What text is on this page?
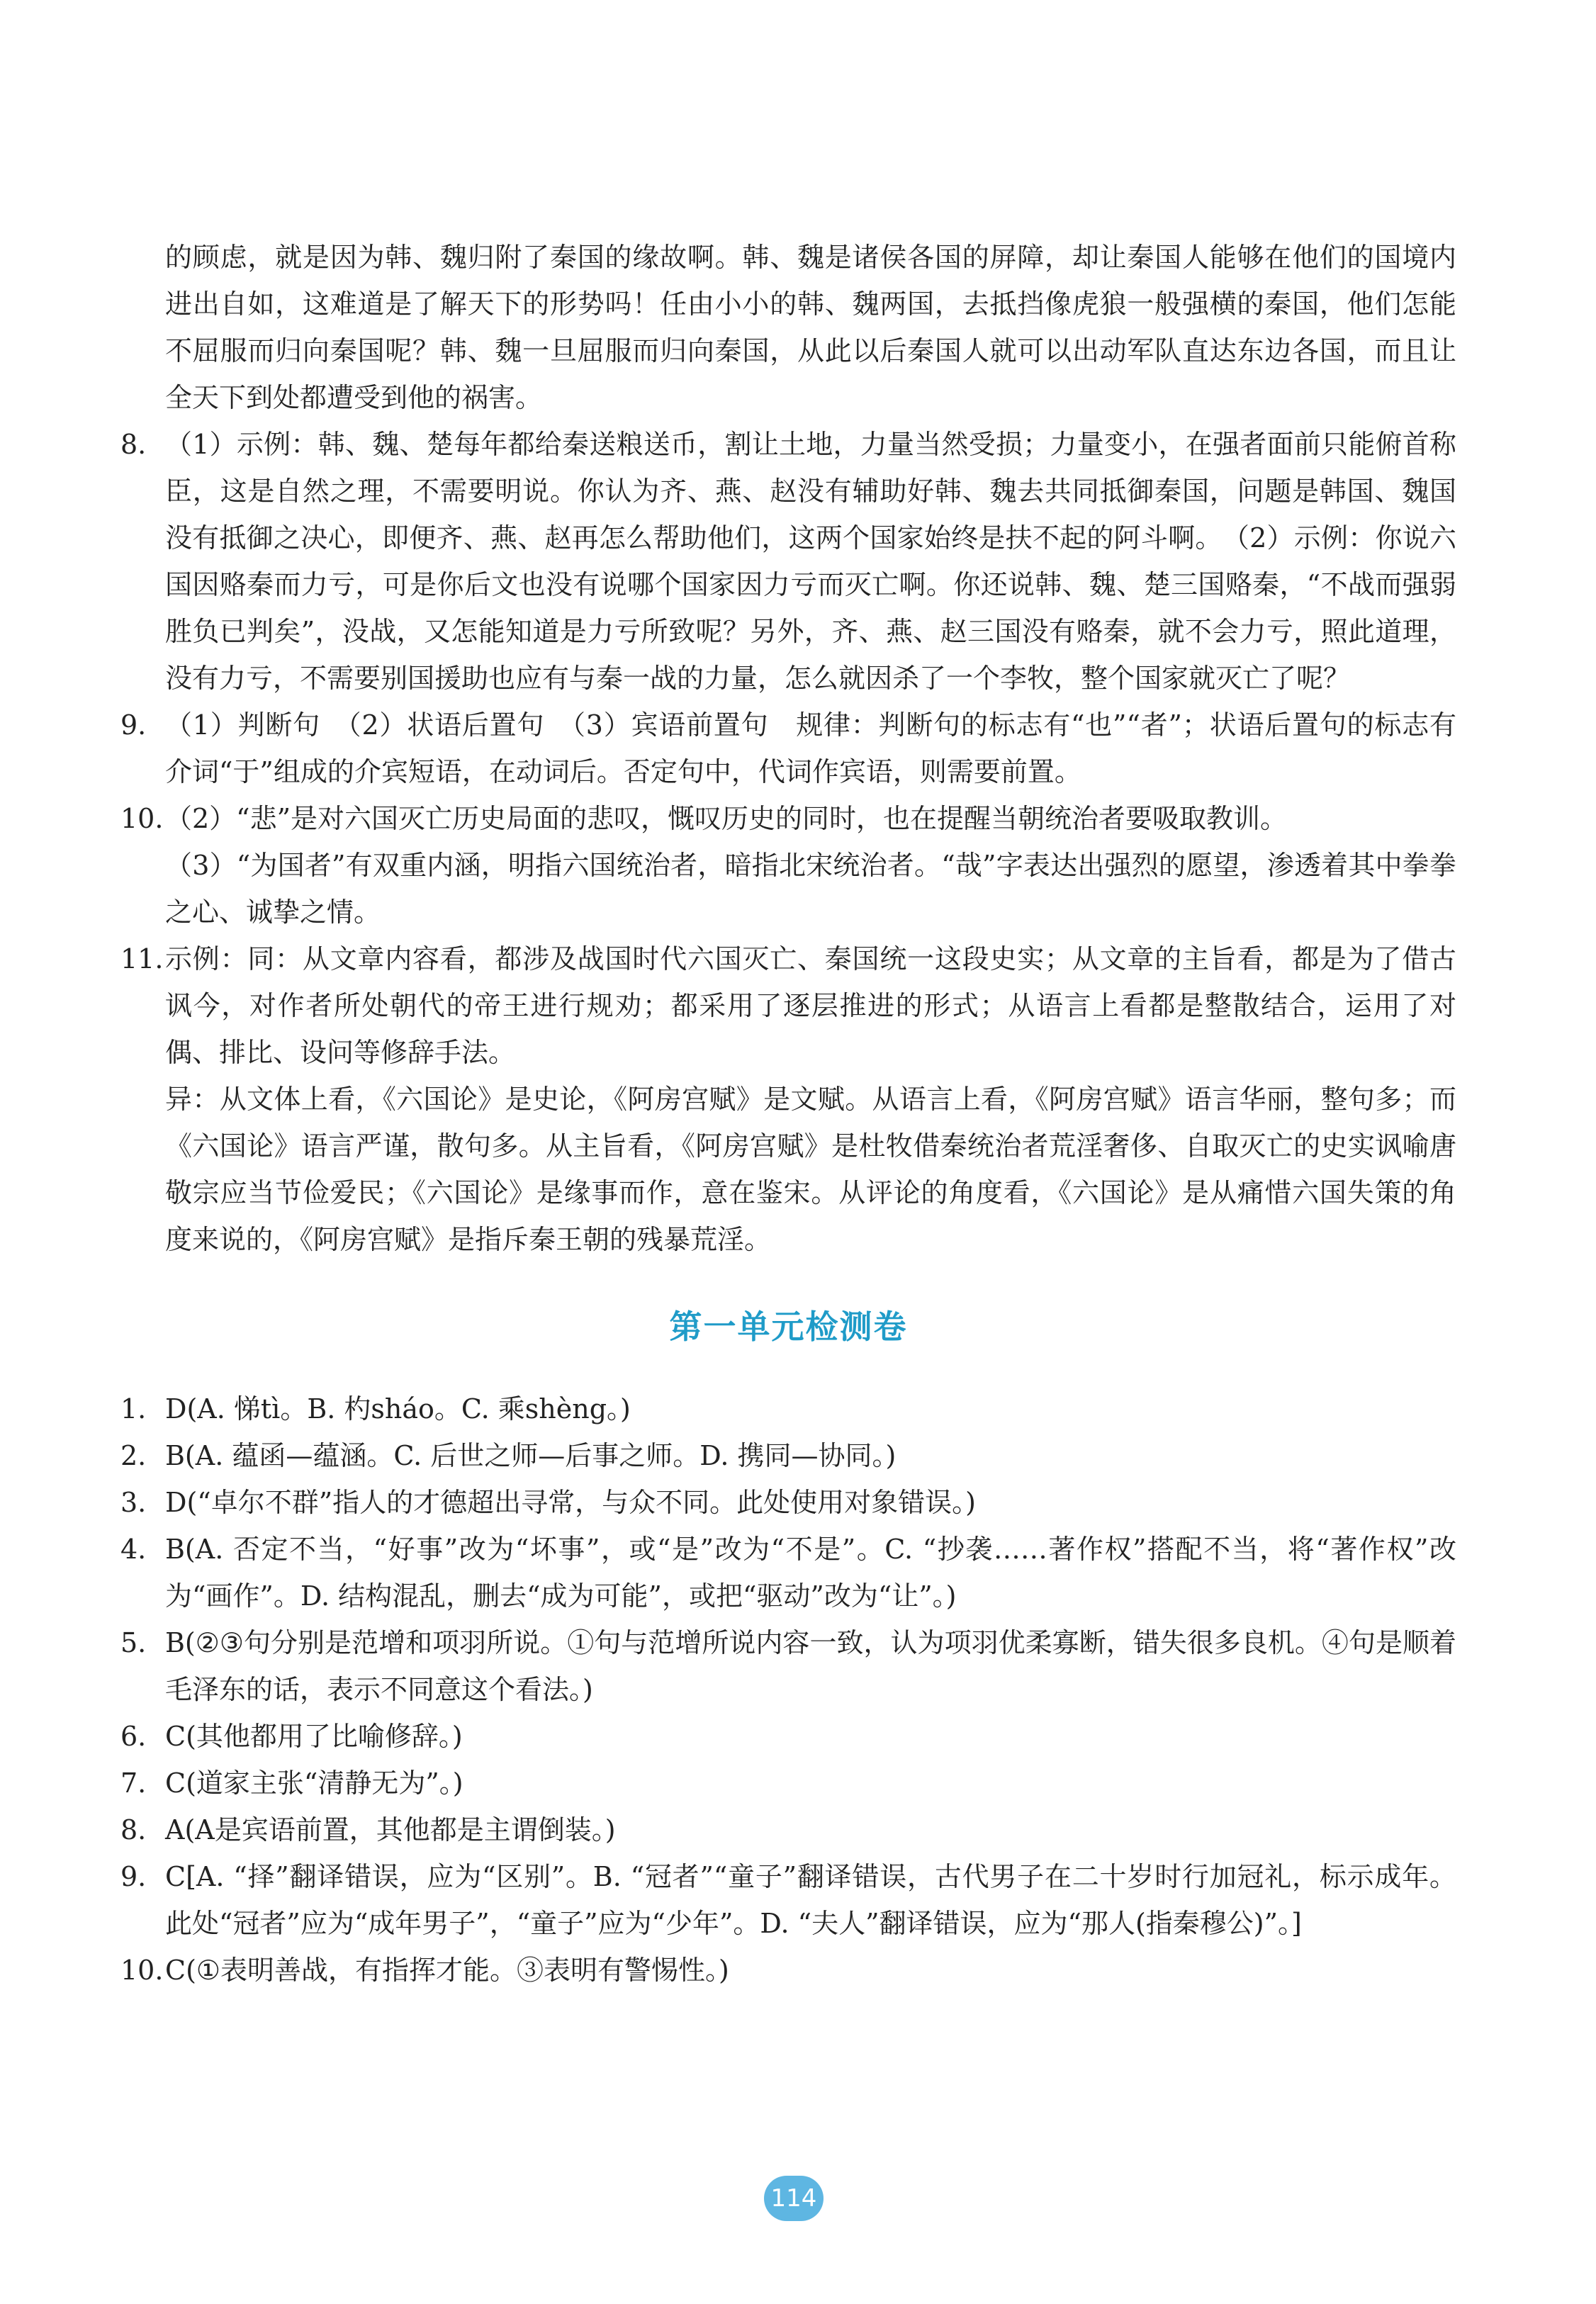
的顾虑，就是因为韩、魏归附了秦国的缘故啊。韩、魏是诸侯各国的屏障，却让秦国人能够在他们的国境内进出自如，这难道是了解天下的形势吗！任由小小的韩、魏两国，去抵挡像虎狼一般强横的秦国，他们怎能不屈服而归向秦国呢？韩、魏一旦屈服而归向秦国，从此以后秦国人就可以出动军队直达东边各国，而且让全天下到处都遭受到他的祸害。

8. （1）示例：韩、魏、楚每年都给秦送粮送币，割让土地，力量当然受损；力量变小，在强者面前只能俯首称臣，这是自然之理，不需要明说。你认为齐、燕、赵没有辅助好韩、魏去共同抵御秦国，问题是韩国、魏国没有抵御之决心，即便齐、燕、赵再怎么帮助他们，这两个国家始终是扶不起的阿斗啊。　（2）示例：你说六国因赂秦而力亏，可是你后文也没有说哪个国家因力亏而灭亡啊。你还说韩、魏、楚三国赂秦，“不战而强弱胜负已判矣”，没战，又怎能知道是力亏所致呢？另外，齐、燕、赵三国没有赂秦，就不会力亏，照此道理，没有力亏，不需要别国援助也应有与秦一战的力量，怎么就因杀了一个李牧，整个国家就灭亡了呢？

9. （1）判断句　（2）状语后置句　（3）宾语前置句　规律：判断句的标志有“也”“者”；状语后置句的标志有介词“于”组成的介宾短语，在动词后。否定句中，代词作宾语，则需要前置。

10. （2）“悲”是对六国灭亡历史局面的悲叹，慨叹历史的同时，也在提醒当朝统治者要吸取教训。

（3）“为国者”有双重内涵，明指六国统治者，暗指北宋统治者。“哉”字表达出强烈的愿望，渗透着其中拳拳之心、诚挚之情。

11. 示例：同：从文章内容看，都涉及战国时代六国灭亡、秦国统一这段史实；从文章的主旨看，都是为了借古讽今，对作者所处朝代的帝王进行规劝；都采用了逐层推进的形式；从语言上看都是整散结合，运用了对偶、排比、设问等修辞手法。

异：从文体上看，《六国论》是史论，《阿房宫赋》是文赋。从语言上看，《阿房宫赋》语言华丽，整句多；而《六国论》语言严谨，散句多。从主旨看，《阿房宫赋》是杜牧借秦统治者荒淫奢侈、自取灭亡的史实讽喻唐敬宗应当节俭爱民；《六国论》是缘事而作，意在鉴宋。从评论的角度看，《六国论》是从痛惜六国失策的角度来说的，《阿房宫赋》是指斥秦王朝的残暴荒淫。

第一单元检测卷
1. D(A. 悌tì。B. 杓sháo。C. 乘shèng。)
2. B(A. 蕴函—蕴涵。C. 后世之师—后事之师。D. 携同—协同。)
3. D(“卓尔不群”指人的才德超出寻常，与众不同。此处使用对象错误。)
4. B(A. 否定不当，“好事”改为“坏事”，或“是”改为“不是”。C. “抄袭……著作权”搭配不当，将“著作权”改为“画作”。D. 结构混乱，删去“成为可能”，或把“驱动”改为“让”。)
5. B(②③句分别是范增和项羽所说。①句与范增所说内容一致，认为项羽优柔寡断，错失很多良机。④句是顺着毛泽东的话，表示不同意这个看法。)
6. C(其他都用了比喻修辞。)
7. C(道家主张“清静无为”。)
8. A(A是宾语前置，其他都是主谓倒装。)
9. C[A. “择”翻译错误，应为“区别”。B. “冠者”“童子”翻译错误，古代男子在二十岁时行加冠礼，标示成年。此处“冠者”应为“成年男子”，“童子”应为“少年”。D. “夫人”翻译错误，应为“那人(指秦穆公)”。]
10. C(①表明善战，有指挥才能。③表明有警惕性。)
114
